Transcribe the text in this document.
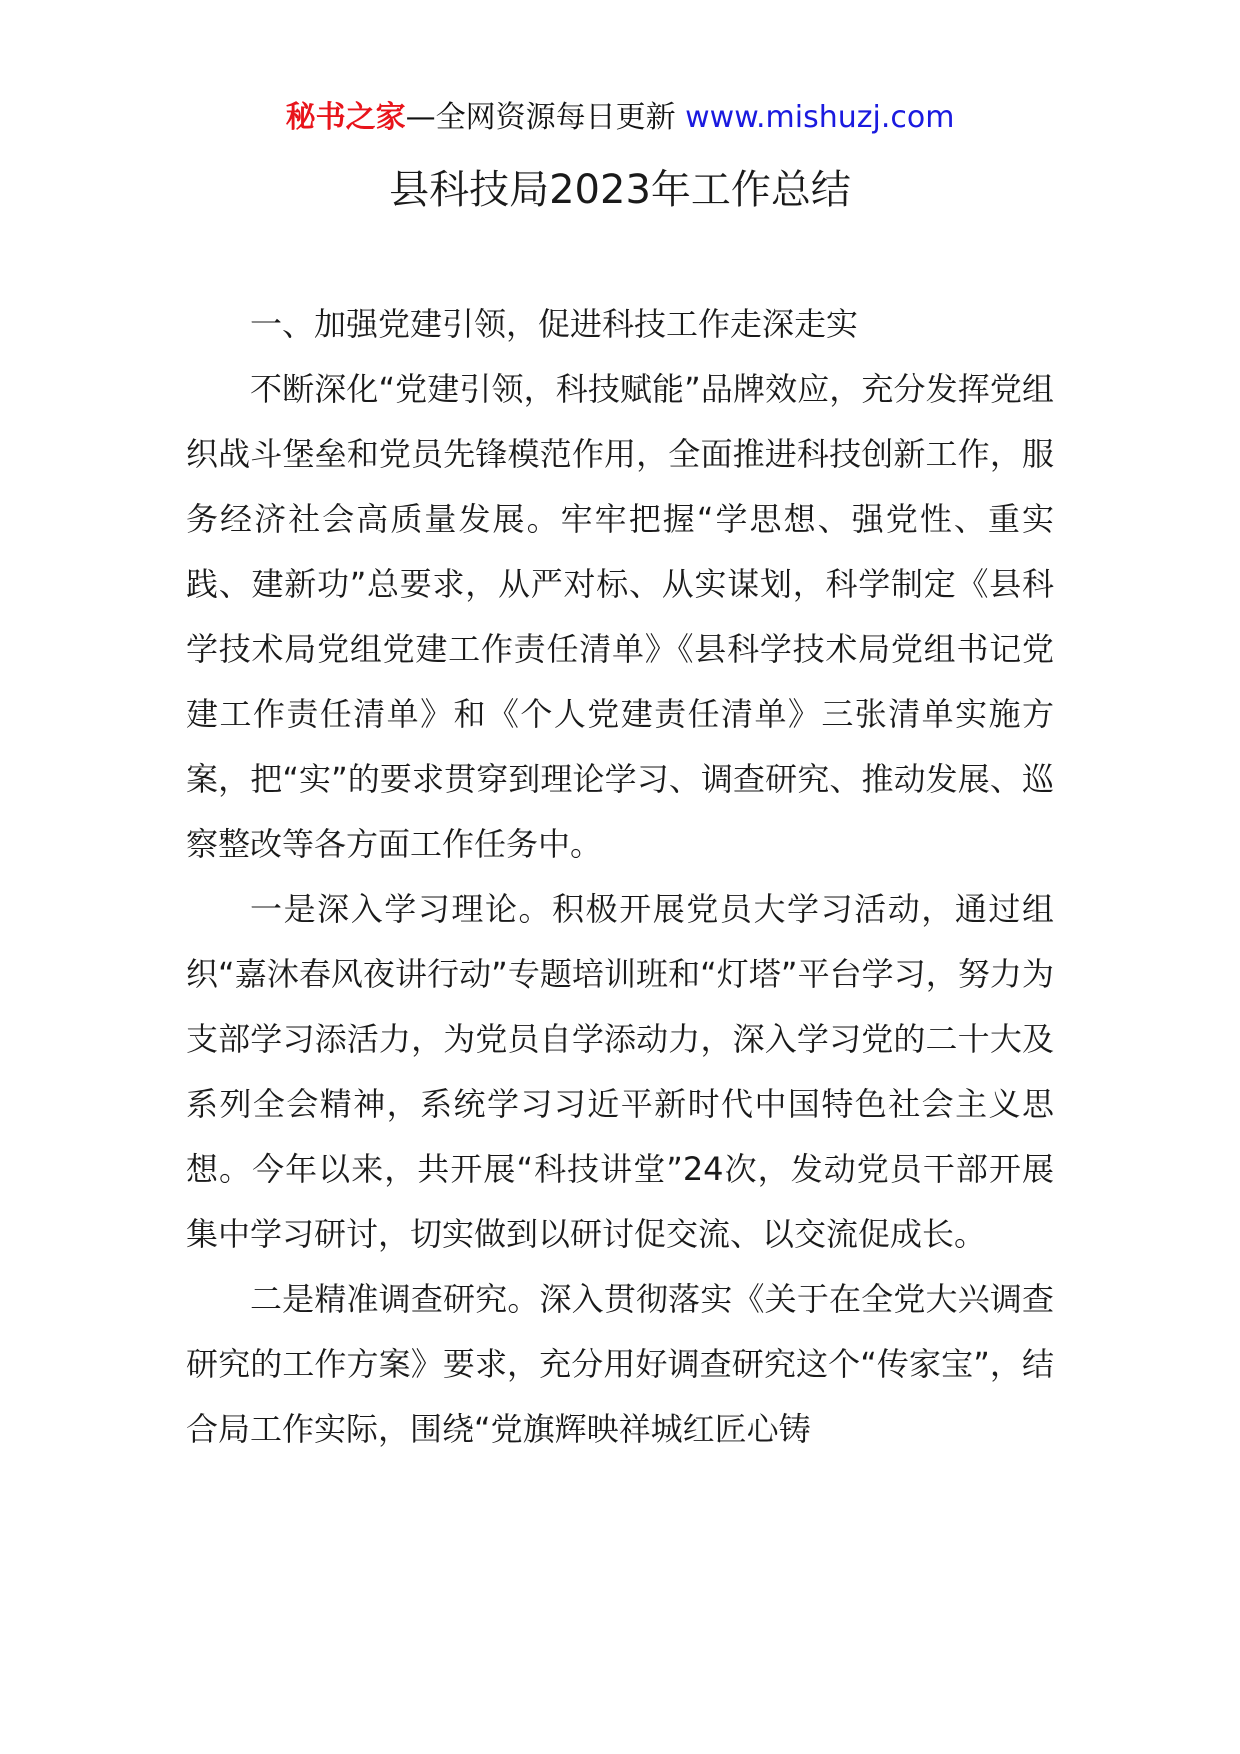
秘书之家—全网资源每日更新 www.mishuzj.com
县科技局2023年工作总结

一、加强党建引领，促进科技工作走深走实

不断深化“党建引领，科技赋能”品牌效应，充分发挥党组织战斗堡垒和党员先锋模范作用，全面推进科技创新工作，服务经济社会高质量发展。牢牢把握“学思想、强党性、重实践、建新功”总要求，从严对标、从实谋划，科学制定《县科学技术局党组党建工作责任清单》《县科学技术局党组书记党建工作责任清单》和《个人党建责任清单》三张清单实施方案，把“实”的要求贯穿到理论学习、调查研究、推动发展、巡察整改等各方面工作任务中。

一是深入学习理论。积极开展党员大学习活动，通过组织“嘉沐春风夜讲行动”专题培训班和“灯塔”平台学习，努力为支部学习添活力，为党员自学添动力，深入学习党的二十大及系列全会精神，系统学习习近平新时代中国特色社会主义思想。今年以来，共开展“科技讲堂”24次，发动党员干部开展集中学习研讨，切实做到以研讨促交流、以交流促成长。

二是精准调查研究。深入贯彻落实《关于在全党大兴调查研究的工作方案》要求，充分用好调查研究这个“传家宝”，结合局工作实际，围绕“党旗辉映祥城红匠心铸
